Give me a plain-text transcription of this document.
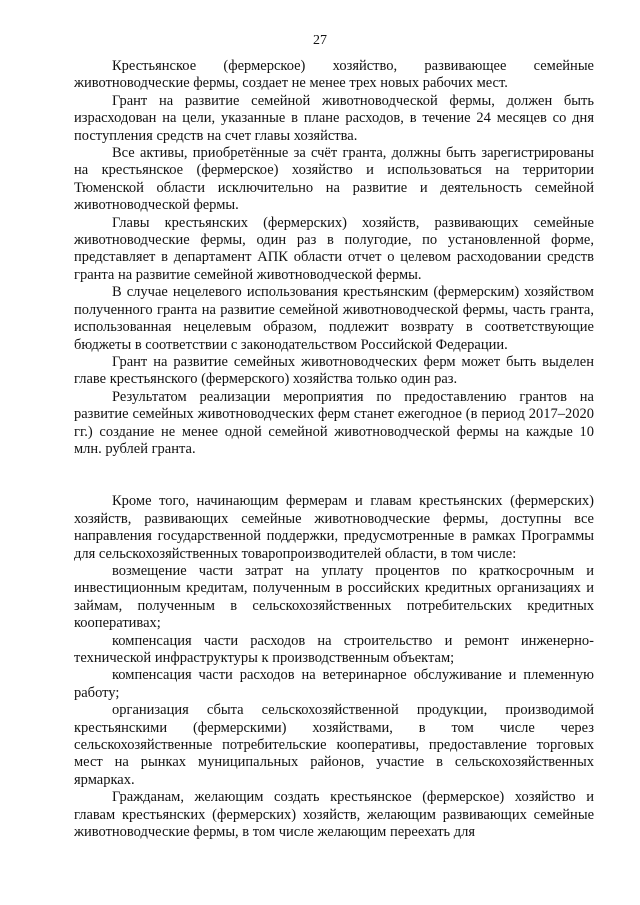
27

Крестьянское (фермерское) хозяйство, развивающее семейные животноводческие фермы, создает не менее трех новых рабочих мест.

Грант на развитие семейной животноводческой фермы, должен быть израсходован на цели, указанные в плане расходов, в течение 24 месяцев со дня поступления средств на счет главы хозяйства.

Все активы, приобретённые за счёт гранта, должны быть зарегистрированы на крестьянское (фермерское) хозяйство и использоваться на территории Тюменской области исключительно на развитие и деятельность семейной животноводческой фермы.

Главы крестьянских (фермерских) хозяйств, развивающих семейные животноводческие фермы, один раз в полугодие, по установленной форме, представляет в департамент АПК области отчет о целевом расходовании средств гранта на развитие семейной животноводческой фермы.

В случае нецелевого использования крестьянским (фермерским) хозяйством полученного гранта на развитие семейной животноводческой фермы, часть гранта, использованная нецелевым образом, подлежит возврату в соответствующие бюджеты в соответствии с законодательством Российской Федерации.

Грант на развитие семейных животноводческих ферм может быть выделен главе крестьянского (фермерского) хозяйства только один раз.

Результатом реализации мероприятия по предоставлению грантов на развитие семейных животноводческих ферм станет ежегодное (в период 2017–2020 гг.) создание не менее одной семейной животноводческой фермы на каждые 10 млн. рублей гранта.

Кроме того, начинающим фермерам и главам крестьянских (фермерских) хозяйств, развивающих семейные животноводческие фермы, доступны все направления государственной поддержки, предусмотренные в рамках Программы для сельскохозяйственных товаропроизводителей области, в том числе:

возмещение части затрат на уплату процентов по краткосрочным и инвестиционным кредитам, полученным в российских кредитных организациях и займам, полученным в сельскохозяйственных потребительских кредитных кооперативах;

компенсация части расходов на строительство и ремонт инженерно-технической инфраструктуры к производственным объектам;

компенсация части расходов на ветеринарное обслуживание и племенную работу;

организация сбыта сельскохозяйственной продукции, производимой крестьянскими (фермерскими) хозяйствами, в том числе через сельскохозяйственные потребительские кооперативы, предоставление торговых мест на рынках муниципальных районов, участие в сельскохозяйственных ярмарках.

Гражданам, желающим создать крестьянское (фермерское) хозяйство и главам крестьянских (фермерских) хозяйств, желающим развивающих семейные животноводческие фермы, в том числе желающим переехать для
